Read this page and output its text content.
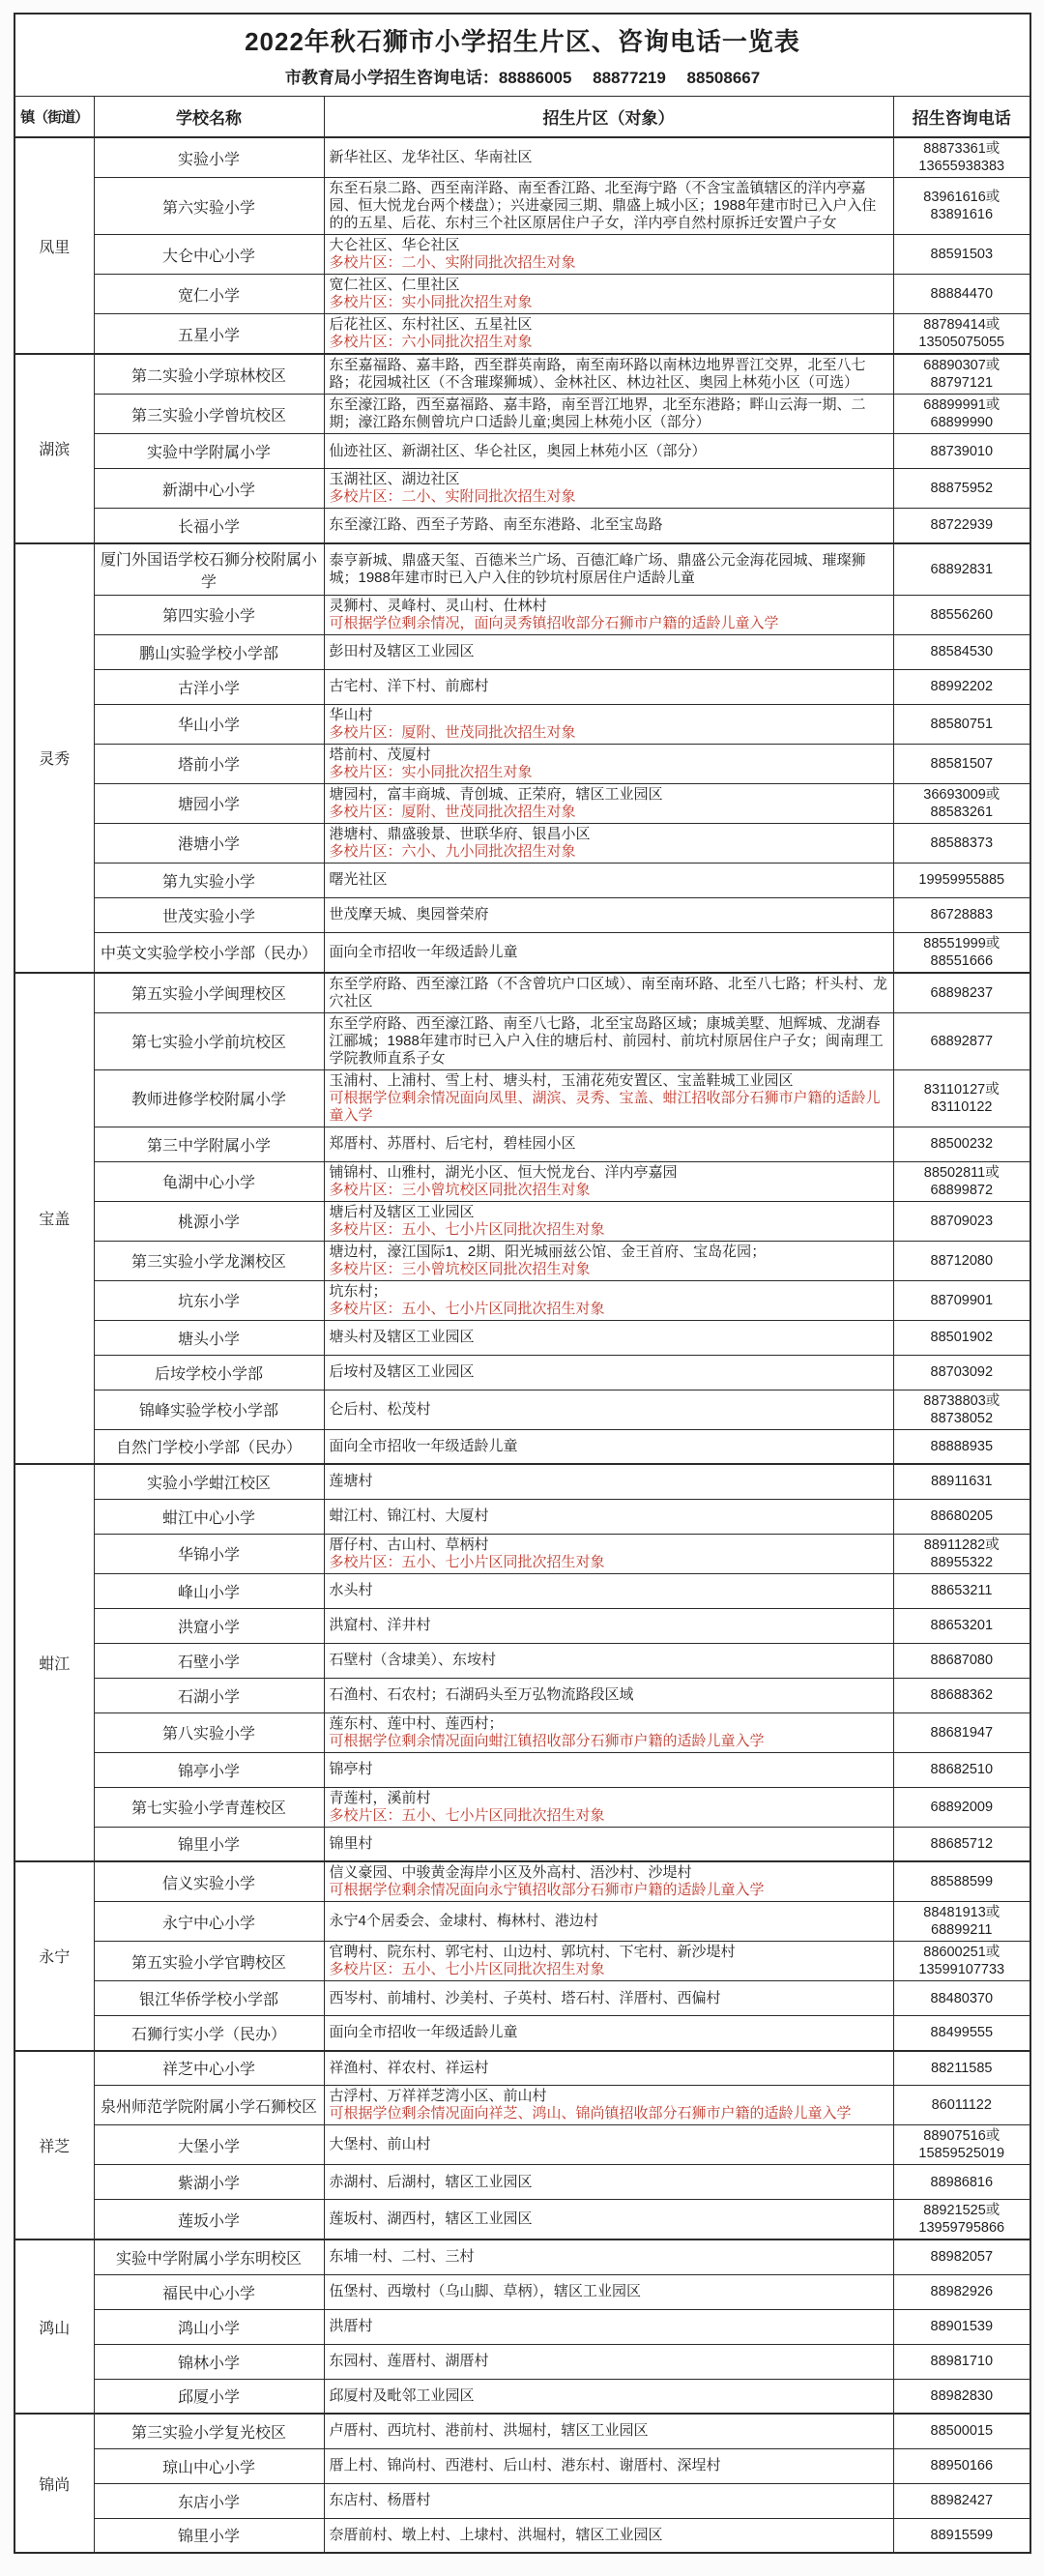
2022年秋石狮市小学招生片区、咨询电话一览表			
市教育局小学招生咨询电话：88886005　 88877219　 88508667			
镇（街道）	学校名称	招生片区（对象）	招生咨询电话
凤里	实验小学	新华社区、龙华社区、华南社区	88873361或
13655938383

	第六实验小学	东至石泉二路、西至南洋路、南至香江路、北至海宁路（不含宝盖镇辖区的洋内亭嘉园、恒大悦龙台两个楼盘）；兴进豪园三期、鼎盛上城小区；1988年建市时已入户入住的的五星、后花、东村三个社区原居住户子女，洋内亭自然村原拆迁安置户子女	83961616或
83891616

	大仑中心小学	大仑社区、华仑社区
多校片区：二小、实附同批次招生对象	88591503

	宽仁小学	宽仁社区、仁里社区
多校片区：实小同批次招生对象	88884470

	五星小学	后花社区、东村社区、五星社区
多校片区：六小同批次招生对象	88789414或
13505075055

湖滨	第二实验小学琼林校区	东至嘉福路、嘉丰路，西至群英南路，南至南环路以南林边地界晋江交界，北至八七路；花园城社区（不含璀璨狮城）、金林社区、林边社区、奥园上林苑小区（可选）	68890307或
88797121

	第三实验小学曾坑校区	东至濠江路，西至嘉福路、嘉丰路，南至晋江地界，北至东港路；畔山云海一期、二期；濠江路东侧曾坑户口适龄儿童;奥园上林苑小区（部分）	68899991或
68899990

	实验中学附属小学	仙迹社区、新湖社区、华仑社区，奥园上林苑小区（部分）	88739010

	新湖中心小学	玉湖社区、湖边社区
多校片区：二小、实附同批次招生对象	88875952

	长福小学	东至濠江路、西至子芳路、南至东港路、北至宝岛路	88722939

灵秀	厦门外国语学校石狮分校附属小学	泰亨新城、鼎盛天玺、百德米兰广场、百德汇峰广场、鼎盛公元金海花园城、璀璨狮城；1988年建市时已入户入住的钞坑村原居住户适龄儿童	68892831

	第四实验小学	灵狮村、灵峰村、灵山村、仕林村
可根据学位剩余情况，面向灵秀镇招收部分石狮市户籍的适龄儿童入学	88556260

	鹏山实验学校小学部	彭田村及辖区工业园区	88584530

	古洋小学	古宅村、洋下村、前廊村	88992202

	华山小学	华山村
多校片区：厦附、世茂同批次招生对象	88580751

	塔前小学	塔前村、茂厦村
多校片区：实小同批次招生对象	88581507

	塘园小学	塘园村，富丰商城、青创城、正荣府，辖区工业园区
多校片区：厦附、世茂同批次招生对象	36693009或
88583261

	港塘小学	港塘村、鼎盛骏景、世联华府、银昌小区
多校片区：六小、九小同批次招生对象	88588373

	第九实验小学	曙光社区	19959955885

	世茂实验小学	世茂摩天城、奥园誉荣府	86728883

	中英文实验学校小学部（民办）	面向全市招收一年级适龄儿童	88551999或
88551666

宝盖	第五实验小学闽理校区	东至学府路、西至濠江路（不含曾坑户口区域）、南至南环路、北至八七路；杆头村、龙穴社区	68898237

	第七实验小学前坑校区	东至学府路、西至濠江路、南至八七路，北至宝岛路区域；康城美墅、旭辉城、龙湖春江郦城；1988年建市时已入户入住的塘后村、前园村、前坑村原居住户子女；闽南理工学院教师直系子女	68892877

	教师进修学校附属小学	玉浦村、上浦村、雪上村、塘头村，玉浦花苑安置区、宝盖鞋城工业园区
可根据学位剩余情况面向凤里、湖滨、灵秀、宝盖、蚶江招收部分石狮市户籍的适龄儿童入学	83110127或
83110122

	第三中学附属小学	郑厝村、苏厝村、后宅村，碧桂园小区	88500232

	龟湖中心小学	铺锦村、山雅村，湖光小区、恒大悦龙台、洋内亭嘉园
多校片区：三小曾坑校区同批次招生对象	88502811或
68899872

	桃源小学	塘后村及辖区工业园区
多校片区：五小、七小片区同批次招生对象	88709023

	第三实验小学龙渊校区	塘边村，濠江国际1、2期、阳光城丽兹公馆、金王首府、宝岛花园；
多校片区：三小曾坑校区同批次招生对象	88712080

	坑东小学	坑东村；
多校片区：五小、七小片区同批次招生对象	88709901

	塘头小学	塘头村及辖区工业园区	88501902

	后垵学校小学部	后垵村及辖区工业园区	88703092

	锦峰实验学校小学部	仑后村、松茂村	88738803或
88738052

	自然门学校小学部（民办）	面向全市招收一年级适龄儿童	88888935

蚶江	实验小学蚶江校区	莲塘村	88911631

	蚶江中心小学	蚶江村、锦江村、大厦村	88680205

	华锦小学	厝仔村、古山村、草柄村
多校片区：五小、七小片区同批次招生对象	88911282或
88955322

	峰山小学	水头村	88653211

	洪窟小学	洪窟村、洋井村	88653201

	石壁小学	石壁村（含埭美）、东垵村	88687080

	石湖小学	石渔村、石农村；石湖码头至万弘物流路段区域	88688362

	第八实验小学	莲东村、莲中村、莲西村；
可根据学位剩余情况面向蚶江镇招收部分石狮市户籍的适龄儿童入学	88681947

	锦亭小学	锦亭村	88682510

	第七实验小学青莲校区	青莲村，溪前村
多校片区：五小、七小片区同批次招生对象	68892009

	锦里小学	锦里村	88685712

永宁	信义实验小学	信义豪园、中骏黄金海岸小区及外高村、浯沙村、沙堤村
可根据学位剩余情况面向永宁镇招收部分石狮市户籍的适龄儿童入学	88588599

	永宁中心小学	永宁4个居委会、金埭村、梅林村、港边村	88481913或
68899211

	第五实验小学官聘校区	官聘村、院东村、郭宅村、山边村、郭坑村、下宅村、新沙堤村
多校片区：五小、七小片区同批次招生对象	88600251或
13599107733

	银江华侨学校小学部	西岑村、前埔村、沙美村、子英村、塔石村、洋厝村、西偏村	88480370

	石狮行实小学（民办）	面向全市招收一年级适龄儿童	88499555

祥芝	祥芝中心小学	祥渔村、祥农村、祥运村	88211585

	泉州师范学院附属小学石狮校区	古浮村、万祥祥芝湾小区、前山村
可根据学位剩余情况面向祥芝、鸿山、锦尚镇招收部分石狮市户籍的适龄儿童入学	86011122

	大堡小学	大堡村、前山村	88907516或
15859525019

	紫湖小学	赤湖村、后湖村，辖区工业园区	88986816

	莲坂小学	莲坂村、湖西村，辖区工业园区	88921525或
13959795866

鸿山	实验中学附属小学东明校区	东埔一村、二村、三村	88982057

	福民中心小学	伍堡村、西墩村（乌山脚、草柄），辖区工业园区	88982926

	鸿山小学	洪厝村	88901539

	锦林小学	东园村、莲厝村、湖厝村	88981710

	邱厦小学	邱厦村及毗邻工业园区	88982830

锦尚	第三实验小学复光校区	卢厝村、西坑村、港前村、洪堀村，辖区工业园区	88500015

	琼山中心小学	厝上村、锦尚村、西港村、后山村、港东村、谢厝村、深埕村	88950166

	东店小学	东店村、杨厝村	88982427

	锦里小学	奈厝前村、墩上村、上埭村、洪堀村，辖区工业园区	88915599
